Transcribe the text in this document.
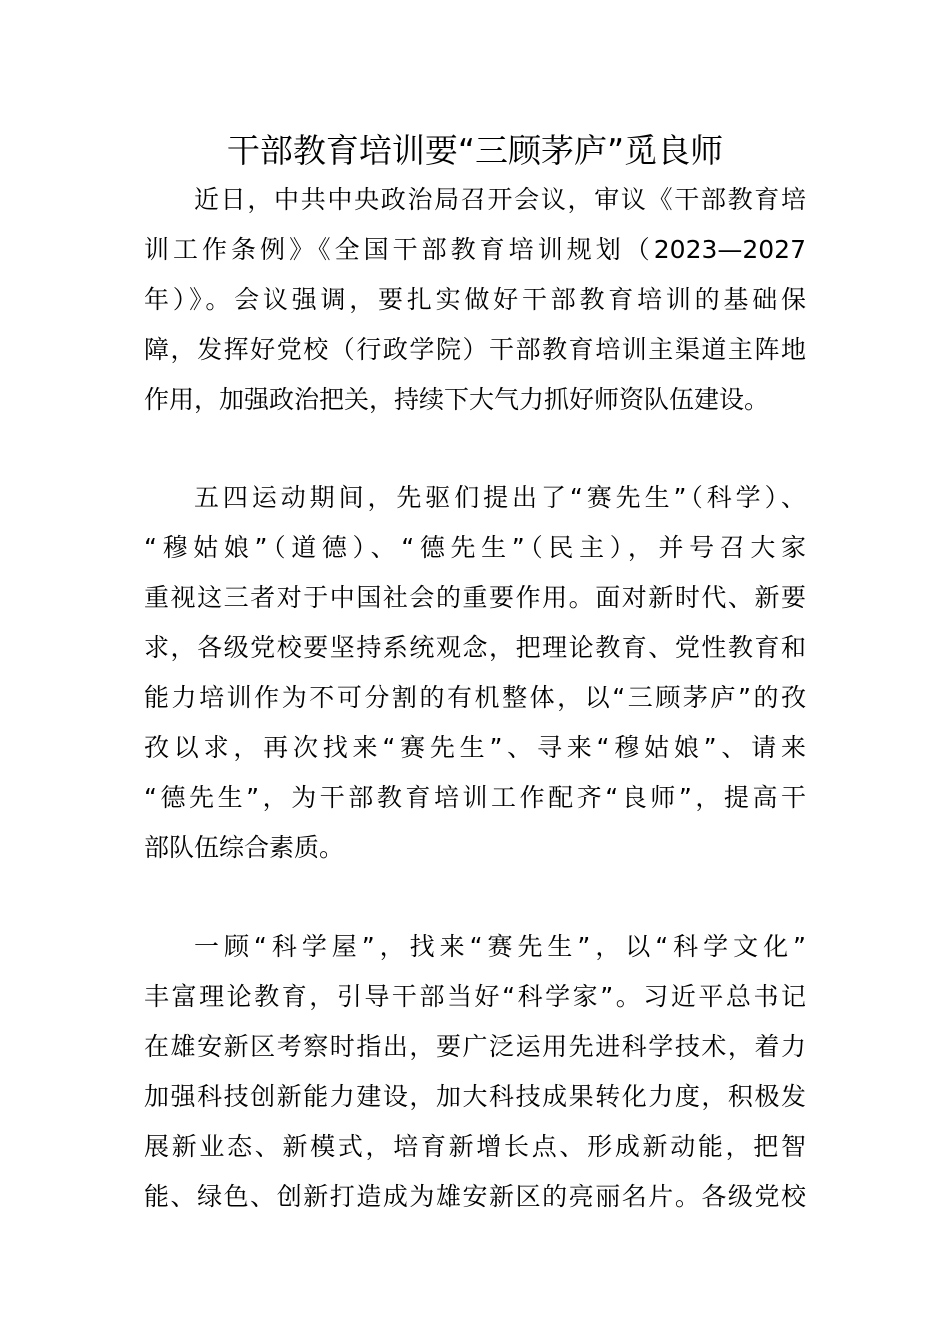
干部教育培训要“三顾茅庐”觅良师
近日，中共中央政治局召开会议，审议《干部教育培
训工作条例》《全国干部教育培训规划（2023—2027
年）》。会议强调，要扎实做好干部教育培训的基础保
障，发挥好党校（行政学院）干部教育培训主渠道主阵地
作用，加强政治把关，持续下大气力抓好师资队伍建设。
五四运动期间，先驱们提出了“赛先生”（科学）、
“穆姑娘”（道德）、“德先生”（民主），并号召大家
重视这三者对于中国社会的重要作用。面对新时代、新要
求，各级党校要坚持系统观念，把理论教育、党性教育和
能力培训作为不可分割的有机整体，以“三顾茅庐”的孜
孜以求，再次找来“赛先生”、寻来“穆姑娘”、请来
“德先生”，为干部教育培训工作配齐“良师”，提高干
部队伍综合素质。
一顾“科学屋”，找来“赛先生”，以“科学文化”
丰富理论教育，引导干部当好“科学家”。习近平总书记
在雄安新区考察时指出，要广泛运用先进科学技术，着力
加强科技创新能力建设，加大科技成果转化力度，积极发
展新业态、新模式，培育新增长点、形成新动能，把智
能、绿色、创新打造成为雄安新区的亮丽名片。各级党校
